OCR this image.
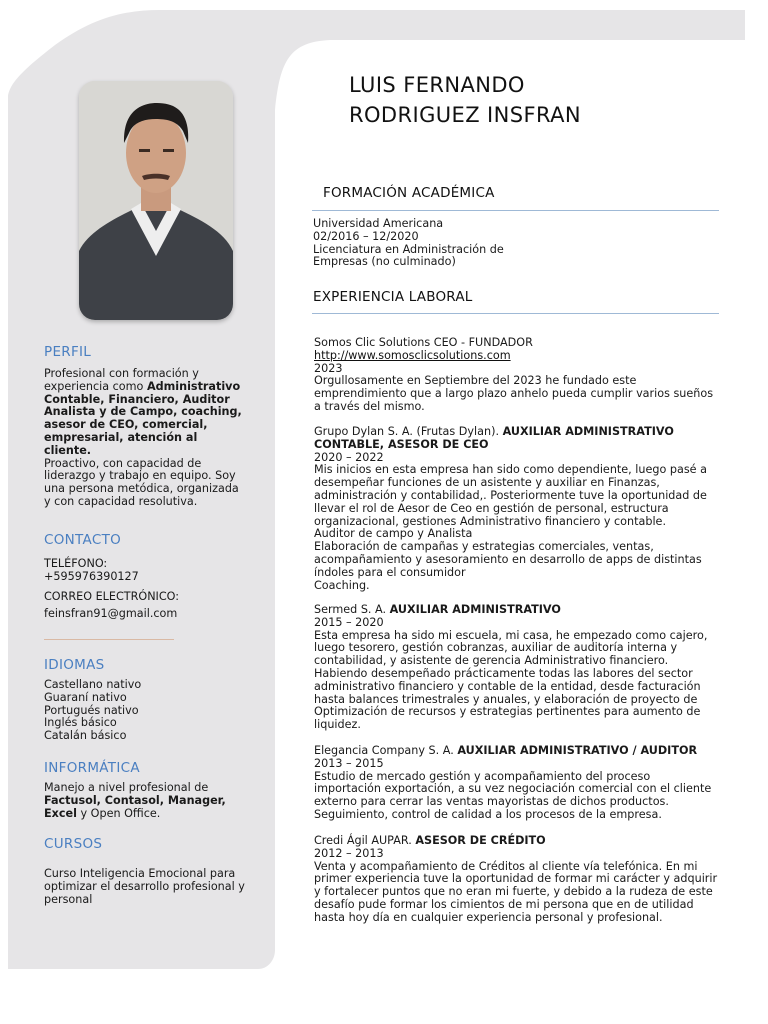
PERFIL
Profesional con formación y experiencia como Administrativo Contable, Financiero, Auditor Analista y de Campo, coaching, asesor de CEO, comercial, empresarial, atención al cliente.
Proactivo, con capacidad de liderazgo y trabajo en equipo. Soy una persona metódica, organizada y con capacidad resolutiva.
CONTACTO
TELÉFONO:
+595976390127
CORREO ELECTRÓNICO:
feinsfran91@gmail.com
IDIOMAS
Castellano nativo
Guaraní nativo
Portugués nativo
Inglés básico
Catalán básico
INFORMÁTICA
Manejo a nivel profesional de Factusol, Contasol, Manager, Excel y Open Office.
CURSOS
Curso Inteligencia Emocional para optimizar el desarrollo profesional y personal
LUIS FERNANDO
RODRIGUEZ INSFRAN
FORMACIÓN ACADÉMICA
Universidad Americana
02/2016 – 12/2020
Licenciatura en Administración de Empresas (no culminado)
EXPERIENCIA LABORAL
Somos Clic Solutions CEO - FUNDADOR
http://www.somosclicsolutions.com
2023
Orgullosamente en Septiembre del 2023 he fundado este emprendimiento que a largo plazo anhelo pueda cumplir varios sueños a través del mismo.
Grupo Dylan S. A. (Frutas Dylan). AUXILIAR ADMINISTRATIVO CONTABLE, ASESOR DE CEO
2020 – 2022
Mis inicios en esta empresa han sido como dependiente, luego pasé a desempeñar funciones de un asistente y auxiliar en Finanzas, administración y contabilidad,. Posteriormente tuve la oportunidad de llevar el rol de Aesor de Ceo en gestión de personal, estructura organizacional, gestiones Administrativo financiero y contable.
Auditor de campo y Analista
Elaboración de campañas y estrategias comerciales, ventas, acompañamiento y asesoramiento en desarrollo de apps de distintas índoles para el consumidor
Coaching.
Sermed S. A. AUXILIAR ADMINISTRATIVO
2015 – 2020
Esta empresa ha sido mi escuela, mi casa, he empezado como cajero, luego tesorero, gestión cobranzas, auxiliar de auditoría interna y contabilidad, y asistente de gerencia Administrativo financiero. Habiendo desempeñado prácticamente todas las labores del sector administrativo financiero y contable de la entidad, desde facturación hasta balances trimestrales y anuales, y elaboración de proyecto de Optimización de recursos y estrategias pertinentes para aumento de liquidez.
Elegancia Company S. A. AUXILIAR ADMINISTRATIVO / AUDITOR
2013 – 2015
Estudio de mercado gestión y acompañamiento del proceso importación exportación, a su vez negociación comercial con el cliente externo para cerrar las ventas mayoristas de dichos productos. Seguimiento, control de calidad a los procesos de la empresa.
Credi Ágil AUPAR. ASESOR DE CRÉDITO
2012 – 2013
Venta y acompañamiento de Créditos al cliente vía telefónica. En mi primer experiencia tuve la oportunidad de formar mi carácter y adquirir y fortalecer puntos que no eran mi fuerte, y debido a la rudeza de este desafío pude formar los cimientos de mi persona que en de utilidad hasta hoy día en cualquier experiencia personal y profesional.
